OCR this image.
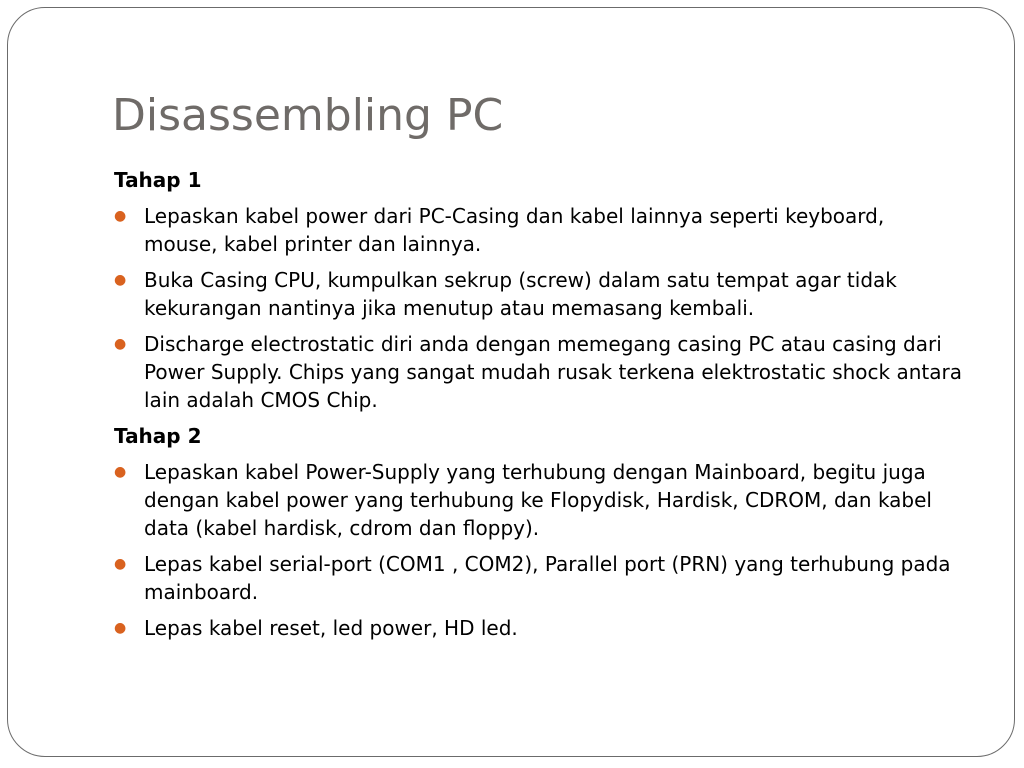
Disassembling PC
Tahap 1
● Lepaskan kabel power dari PC-Casing dan kabel lainnya seperti keyboard, mouse, kabel printer dan lainnya.
● Buka Casing CPU, kumpulkan sekrup (screw) dalam satu tempat agar tidak kekurangan nantinya jika menutup atau memasang kembali.
● Discharge electrostatic diri anda dengan memegang casing PC atau casing dari Power Supply. Chips yang sangat mudah rusak terkena elektrostatic shock antara lain adalah CMOS Chip.
Tahap 2
● Lepaskan kabel Power-Supply yang terhubung dengan Mainboard, begitu juga dengan kabel power yang terhubung ke Flopydisk, Hardisk, CDROM, dan kabel data (kabel hardisk, cdrom dan floppy).
● Lepas kabel serial-port (COM1 , COM2), Parallel port (PRN) yang terhubung pada mainboard.
● Lepas kabel reset, led power, HD led.
